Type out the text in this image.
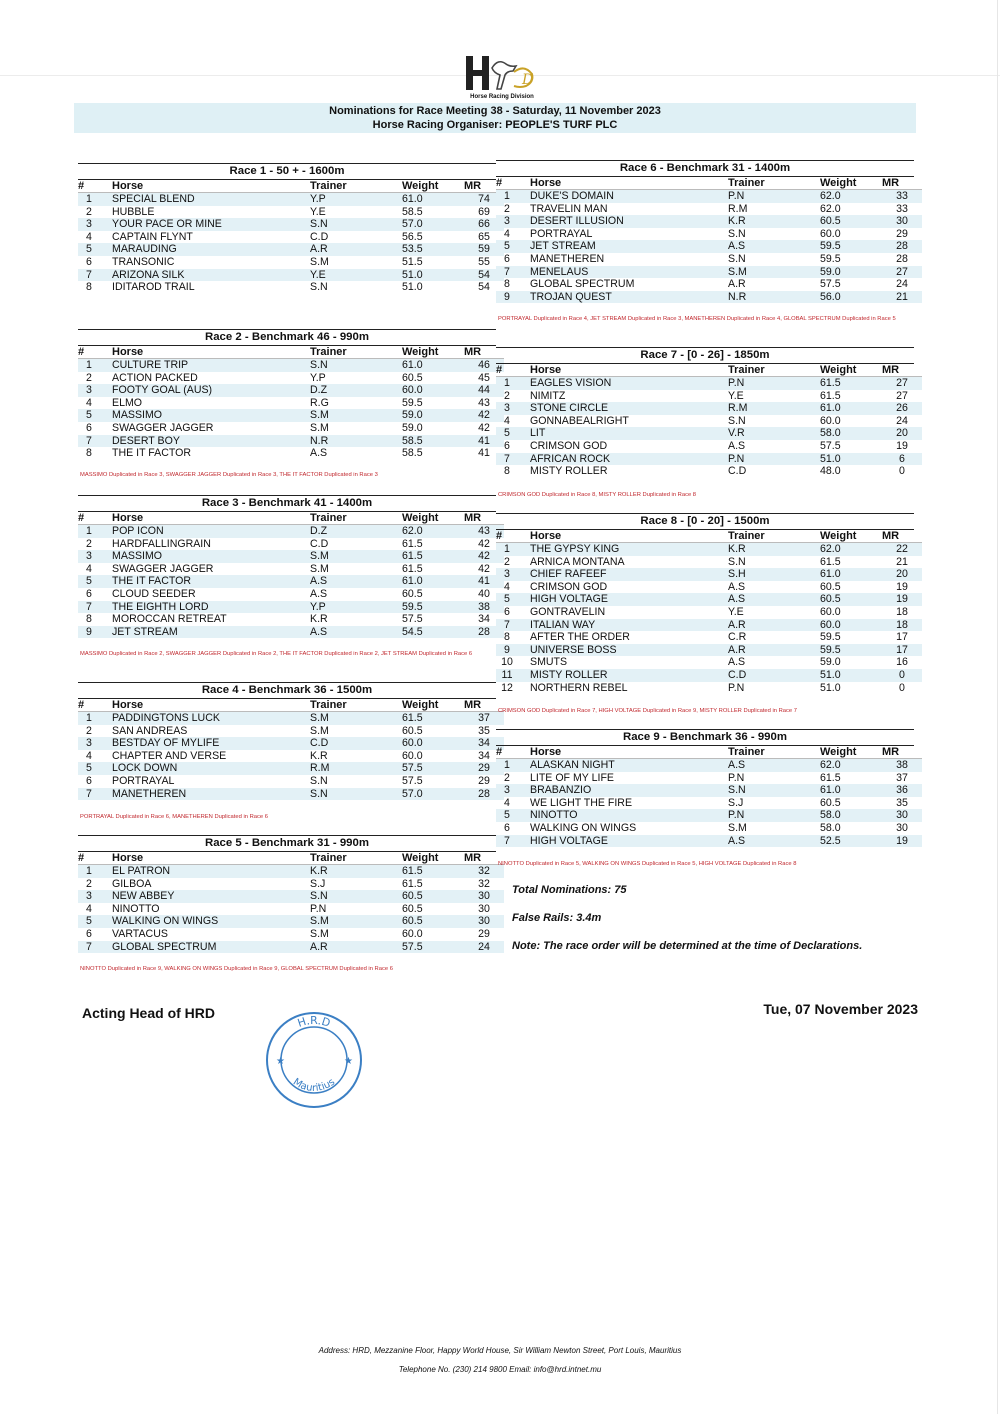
D
Horse Racing Division
Nominations for Race Meeting 38 - Saturday, 11 November 2023
Horse Racing Organiser: PEOPLE'S TURF PLC
Race 1 - 50 + - 1600m
#	Horse	Trainer	Weight	MR
1	SPECIAL BLEND	Y.P	61.0	74
2	HUBBLE	Y.E	58.5	69
3	YOUR PACE OR MINE	S.N	57.0	66
4	CAPTAIN FLYNT	C.D	56.5	65
5	MARAUDING	A.R	53.5	59
6	TRANSONIC	S.M	51.5	55
7	ARIZONA SILK	Y.E	51.0	54
8	IDITAROD TRAIL	S.N	51.0	54
Race 2 - Benchmark 46 - 990m
#	Horse	Trainer	Weight	MR
1	CULTURE TRIP	S.N	61.0	46
2	ACTION PACKED	Y.P	60.5	45
3	FOOTY GOAL (AUS)	D.Z	60.0	44
4	ELMO	R.G	59.5	43
5	MASSIMO	S.M	59.0	42
6	SWAGGER JAGGER	S.M	59.0	42
7	DESERT BOY	N.R	58.5	41
8	THE IT FACTOR	A.S	58.5	41
MASSIMO Duplicated in Race 3, SWAGGER JAGGER Duplicated in Race 3, THE IT FACTOR Duplicated in Race 3
Race 3 - Benchmark 41 - 1400m
#	Horse	Trainer	Weight	MR
1	POP ICON	D.Z	62.0	43
2	HARDFALLINGRAIN	C.D	61.5	42
3	MASSIMO	S.M	61.5	42
4	SWAGGER JAGGER	S.M	61.5	42
5	THE IT FACTOR	A.S	61.0	41
6	CLOUD SEEDER	A.S	60.5	40
7	THE EIGHTH LORD	Y.P	59.5	38
8	MOROCCAN RETREAT	K.R	57.5	34
9	JET STREAM	A.S	54.5	28
MASSIMO Duplicated in Race 2, SWAGGER JAGGER Duplicated in Race 2, THE IT FACTOR Duplicated in Race 2, JET STREAM Duplicated in Race 6
Race 4 - Benchmark 36 - 1500m
#	Horse	Trainer	Weight	MR
1	PADDINGTONS LUCK	S.M	61.5	37
2	SAN ANDREAS	S.M	60.5	35
3	BESTDAY OF MYLIFE	C.D	60.0	34
4	CHAPTER AND VERSE	K.R	60.0	34
5	LOCK DOWN	R.M	57.5	29
6	PORTRAYAL	S.N	57.5	29
7	MANETHEREN	S.N	57.0	28
PORTRAYAL Duplicated in Race 6, MANETHEREN Duplicated in Race 6
Race 5 - Benchmark 31 - 990m
#	Horse	Trainer	Weight	MR
1	EL PATRON	K.R	61.5	32
2	GILBOA	S.J	61.5	32
3	NEW ABBEY	S.N	60.5	30
4	NINOTTO	P.N	60.5	30
5	WALKING ON WINGS	S.M	60.5	30
6	VARTACUS	S.M	60.0	29
7	GLOBAL SPECTRUM	A.R	57.5	24
NINOTTO Duplicated in Race 9, WALKING ON WINGS Duplicated in Race 9, GLOBAL SPECTRUM Duplicated in Race 6
Race 6 - Benchmark 31 - 1400m
#	Horse	Trainer	Weight	MR
1	DUKE'S DOMAIN	P.N	62.0	33
2	TRAVELIN MAN	R.M	62.0	33
3	DESERT ILLUSION	K.R	60.5	30
4	PORTRAYAL	S.N	60.0	29
5	JET STREAM	A.S	59.5	28
6	MANETHEREN	S.N	59.5	28
7	MENELAUS	S.M	59.0	27
8	GLOBAL SPECTRUM	A.R	57.5	24
9	TROJAN QUEST	N.R	56.0	21
PORTRAYAL Duplicated in Race 4, JET STREAM Duplicated in Race 3, MANETHEREN Duplicated in Race 4, GLOBAL SPECTRUM Duplicated in Race 5
Race 7 - [0 - 26] - 1850m
#	Horse	Trainer	Weight	MR
1	EAGLES VISION	P.N	61.5	27
2	NIMITZ	Y.E	61.5	27
3	STONE CIRCLE	R.M	61.0	26
4	GONNABEALRIGHT	S.N	60.0	24
5	LIT	V.R	58.0	20
6	CRIMSON GOD	A.S	57.5	19
7	AFRICAN ROCK	P.N	51.0	6
8	MISTY ROLLER	C.D	48.0	0
CRIMSON GOD Duplicated in Race 8, MISTY ROLLER Duplicated in Race 8
Race 8 - [0 - 20] - 1500m
#	Horse	Trainer	Weight	MR
1	THE GYPSY KING	K.R	62.0	22
2	ARNICA MONTANA	S.N	61.5	21
3	CHIEF RAFEEF	S.H	61.0	20
4	CRIMSON GOD	A.S	60.5	19
5	HIGH VOLTAGE	A.S	60.5	19
6	GONTRAVELIN	Y.E	60.0	18
7	ITALIAN WAY	A.R	60.0	18
8	AFTER THE ORDER	C.R	59.5	17
9	UNIVERSE BOSS	A.R	59.5	17
10	SMUTS	A.S	59.0	16
11	MISTY ROLLER	C.D	51.0	0
12	NORTHERN REBEL	P.N	51.0	0
CRIMSON GOD Duplicated in Race 7, HIGH VOLTAGE Duplicated in Race 9, MISTY ROLLER Duplicated in Race 7
Race 9 - Benchmark 36 - 990m
#	Horse	Trainer	Weight	MR
1	ALASKAN NIGHT	A.S	62.0	38
2	LITE OF MY LIFE	P.N	61.5	37
3	BRABANZIO	S.N	61.0	36
4	WE LIGHT THE FIRE	S.J	60.5	35
5	NINOTTO	P.N	58.0	30
6	WALKING ON WINGS	S.M	58.0	30
7	HIGH VOLTAGE	A.S	52.5	19
NINOTTO Duplicated in Race 5, WALKING ON WINGS Duplicated in Race 5, HIGH VOLTAGE Duplicated in Race 8
Total Nominations: 75
False Rails: 3.4m
Note: The race order will be determined at the time of Declarations.
Acting Head of HRD	Tue, 07 November 2023
H.R.D
Mauritius
★	★
Address: HRD, Mezzanine Floor, Happy World House, Sir William Newton Street, Port Louis, Mauritius
Telephone No. (230) 214 9800 Email: info@hrd.intnet.mu
